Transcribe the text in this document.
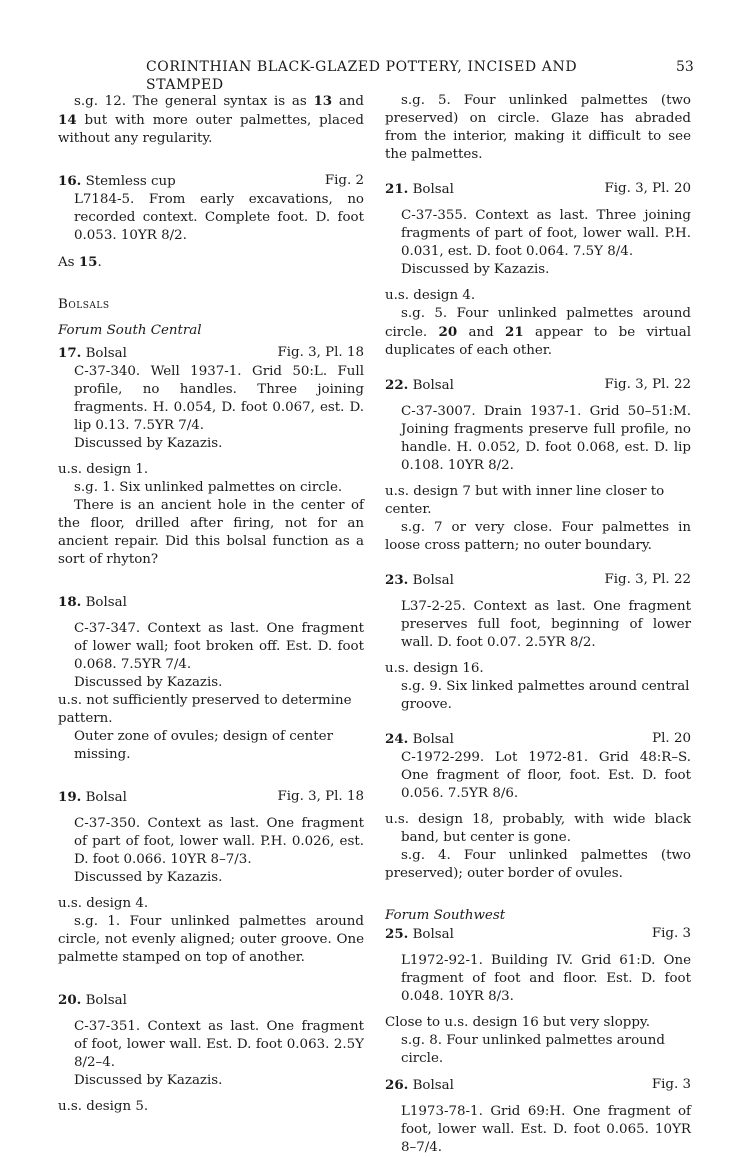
CORINTHIAN BLACK-GLAZED POTTERY, INCISED AND STAMPED
53

s.g. 12. The general syntax is as 13 and 14 but with more outer palmettes, placed without any regularity.

16. Stemless cup	Fig. 2

L7184-5. From early excavations, no recorded context. Complete foot. D. foot 0.053. 10YR 8/2.

As 15.

Bolsals

Forum South Central

17. Bolsal	Fig. 3, Pl. 18

C-37-340. Well 1937-1. Grid 50:L. Full profile, no handles. Three joining fragments. H. 0.054, D. foot 0.067, est. D. lip 0.13. 7.5YR 7/4.

Discussed by Kazazis.

u.s. design 1.

s.g. 1. Six unlinked palmettes on circle.

There is an ancient hole in the center of the floor, drilled after firing, not for an ancient repair. Did this bolsal function as a sort of rhyton?

18. Bolsal

C-37-347. Context as last. One fragment of lower wall; foot broken off. Est. D. foot 0.068. 7.5YR 7/4.

Discussed by Kazazis.

u.s. not sufficiently preserved to determine pattern.

Outer zone of ovules; design of center missing.

19. Bolsal	Fig. 3, Pl. 18

C-37-350. Context as last. One fragment of part of foot, lower wall. P.H. 0.026, est. D. foot 0.066. 10YR 8–7/3.

Discussed by Kazazis.

u.s. design 4.

s.g. 1. Four unlinked palmettes around circle, not evenly aligned; outer groove. One palmette stamped on top of another.

20. Bolsal

C-37-351. Context as last. One fragment of foot, lower wall. Est. D. foot 0.063. 2.5Y 8/2–4.

Discussed by Kazazis.

u.s. design 5.

s.g. 5. Four unlinked palmettes (two preserved) on circle. Glaze has abraded from the interior, making it difficult to see the palmettes.

21. Bolsal	Fig. 3, Pl. 20

C-37-355. Context as last. Three joining fragments of part of foot, lower wall. P.H. 0.031, est. D. foot 0.064. 7.5Y 8/4.

Discussed by Kazazis.

u.s. design 4.

s.g. 5. Four unlinked palmettes around circle. 20 and 21 appear to be virtual duplicates of each other.

22. Bolsal	Fig. 3, Pl. 22

C-37-3007. Drain 1937-1. Grid 50–51:M. Joining fragments preserve full profile, no handle. H. 0.052, D. foot 0.068, est. D. lip 0.108. 10YR 8/2.

u.s. design 7 but with inner line closer to center.

s.g. 7 or very close. Four palmettes in loose cross pattern; no outer boundary.

23. Bolsal	Fig. 3, Pl. 22

L37-2-25. Context as last. One fragment preserves full foot, beginning of lower wall. D. foot 0.07. 2.5YR 8/2.

u.s. design 16.

s.g. 9. Six linked palmettes around central groove.

24. Bolsal	Pl. 20

C-1972-299. Lot 1972-81. Grid 48:R–S. One fragment of floor, foot. Est. D. foot 0.056. 7.5YR 8/6.

u.s. design 18, probably, with wide black band, but center is gone.

s.g. 4. Four unlinked palmettes (two preserved); outer border of ovules.

Forum Southwest

25. Bolsal	Fig. 3

L1972-92-1. Building IV. Grid 61:D. One fragment of foot and floor. Est. D. foot 0.048. 10YR 8/3.

Close to u.s. design 16 but very sloppy.

s.g. 8. Four unlinked palmettes around circle.

26. Bolsal	Fig. 3

L1973-78-1. Grid 69:H. One fragment of foot, lower wall. Est. D. foot 0.065. 10YR 8–7/4.
